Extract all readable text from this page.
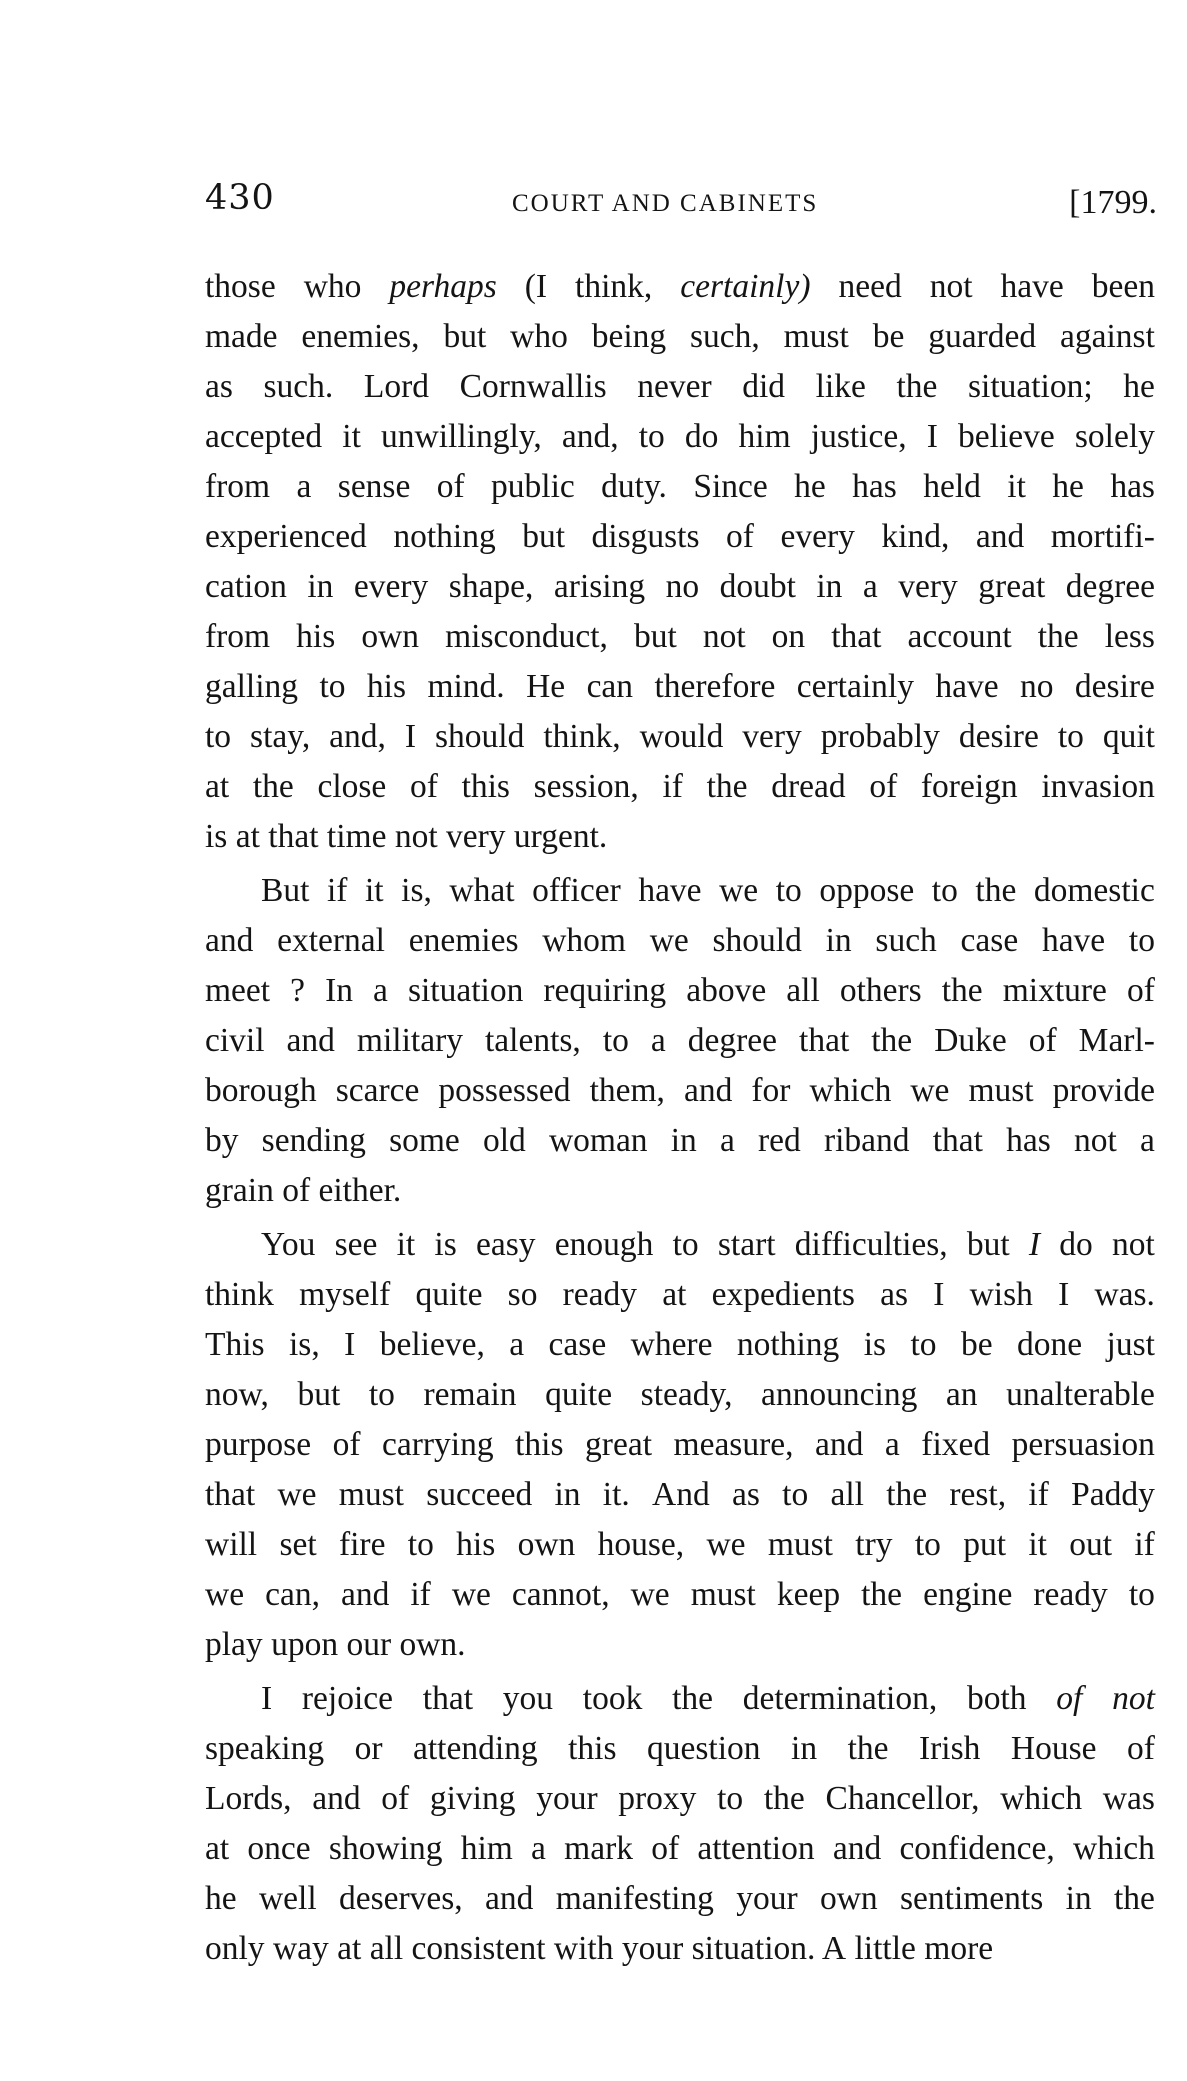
430	COURT AND CABINETS	[1799.
those who perhaps (I think, certainly) need not have been
made enemies, but who being such, must be guarded against
as such. Lord Cornwallis never did like the situation; he
accepted it unwillingly, and, to do him justice, I believe solely
from a sense of public duty. Since he has held it he has
experienced nothing but disgusts of every kind, and mortifi-
cation in every shape, arising no doubt in a very great degree
from his own misconduct, but not on that account the less
galling to his mind. He can therefore certainly have no desire
to stay, and, I should think, would very probably desire to quit
at the close of this session, if the dread of foreign invasion
is at that time not very urgent.
But if it is, what officer have we to oppose to the domestic
and external enemies whom we should in such case have to
meet ? In a situation requiring above all others the mixture of
civil and military talents, to a degree that the Duke of Marl-
borough scarce possessed them, and for which we must provide
by sending some old woman in a red riband that has not a
grain of either.
You see it is easy enough to start difficulties, but I do not
think myself quite so ready at expedients as I wish I was.
This is, I believe, a case where nothing is to be done just
now, but to remain quite steady, announcing an unalterable
purpose of carrying this great measure, and a fixed persuasion
that we must succeed in it. And as to all the rest, if Paddy
will set fire to his own house, we must try to put it out if
we can, and if we cannot, we must keep the engine ready to
play upon our own.
I rejoice that you took the determination, both of not
speaking or attending this question in the Irish House of
Lords, and of giving your proxy to the Chancellor, which was
at once showing him a mark of attention and confidence, which
he well deserves, and manifesting your own sentiments in the
only way at all consistent with your situation. A little more
